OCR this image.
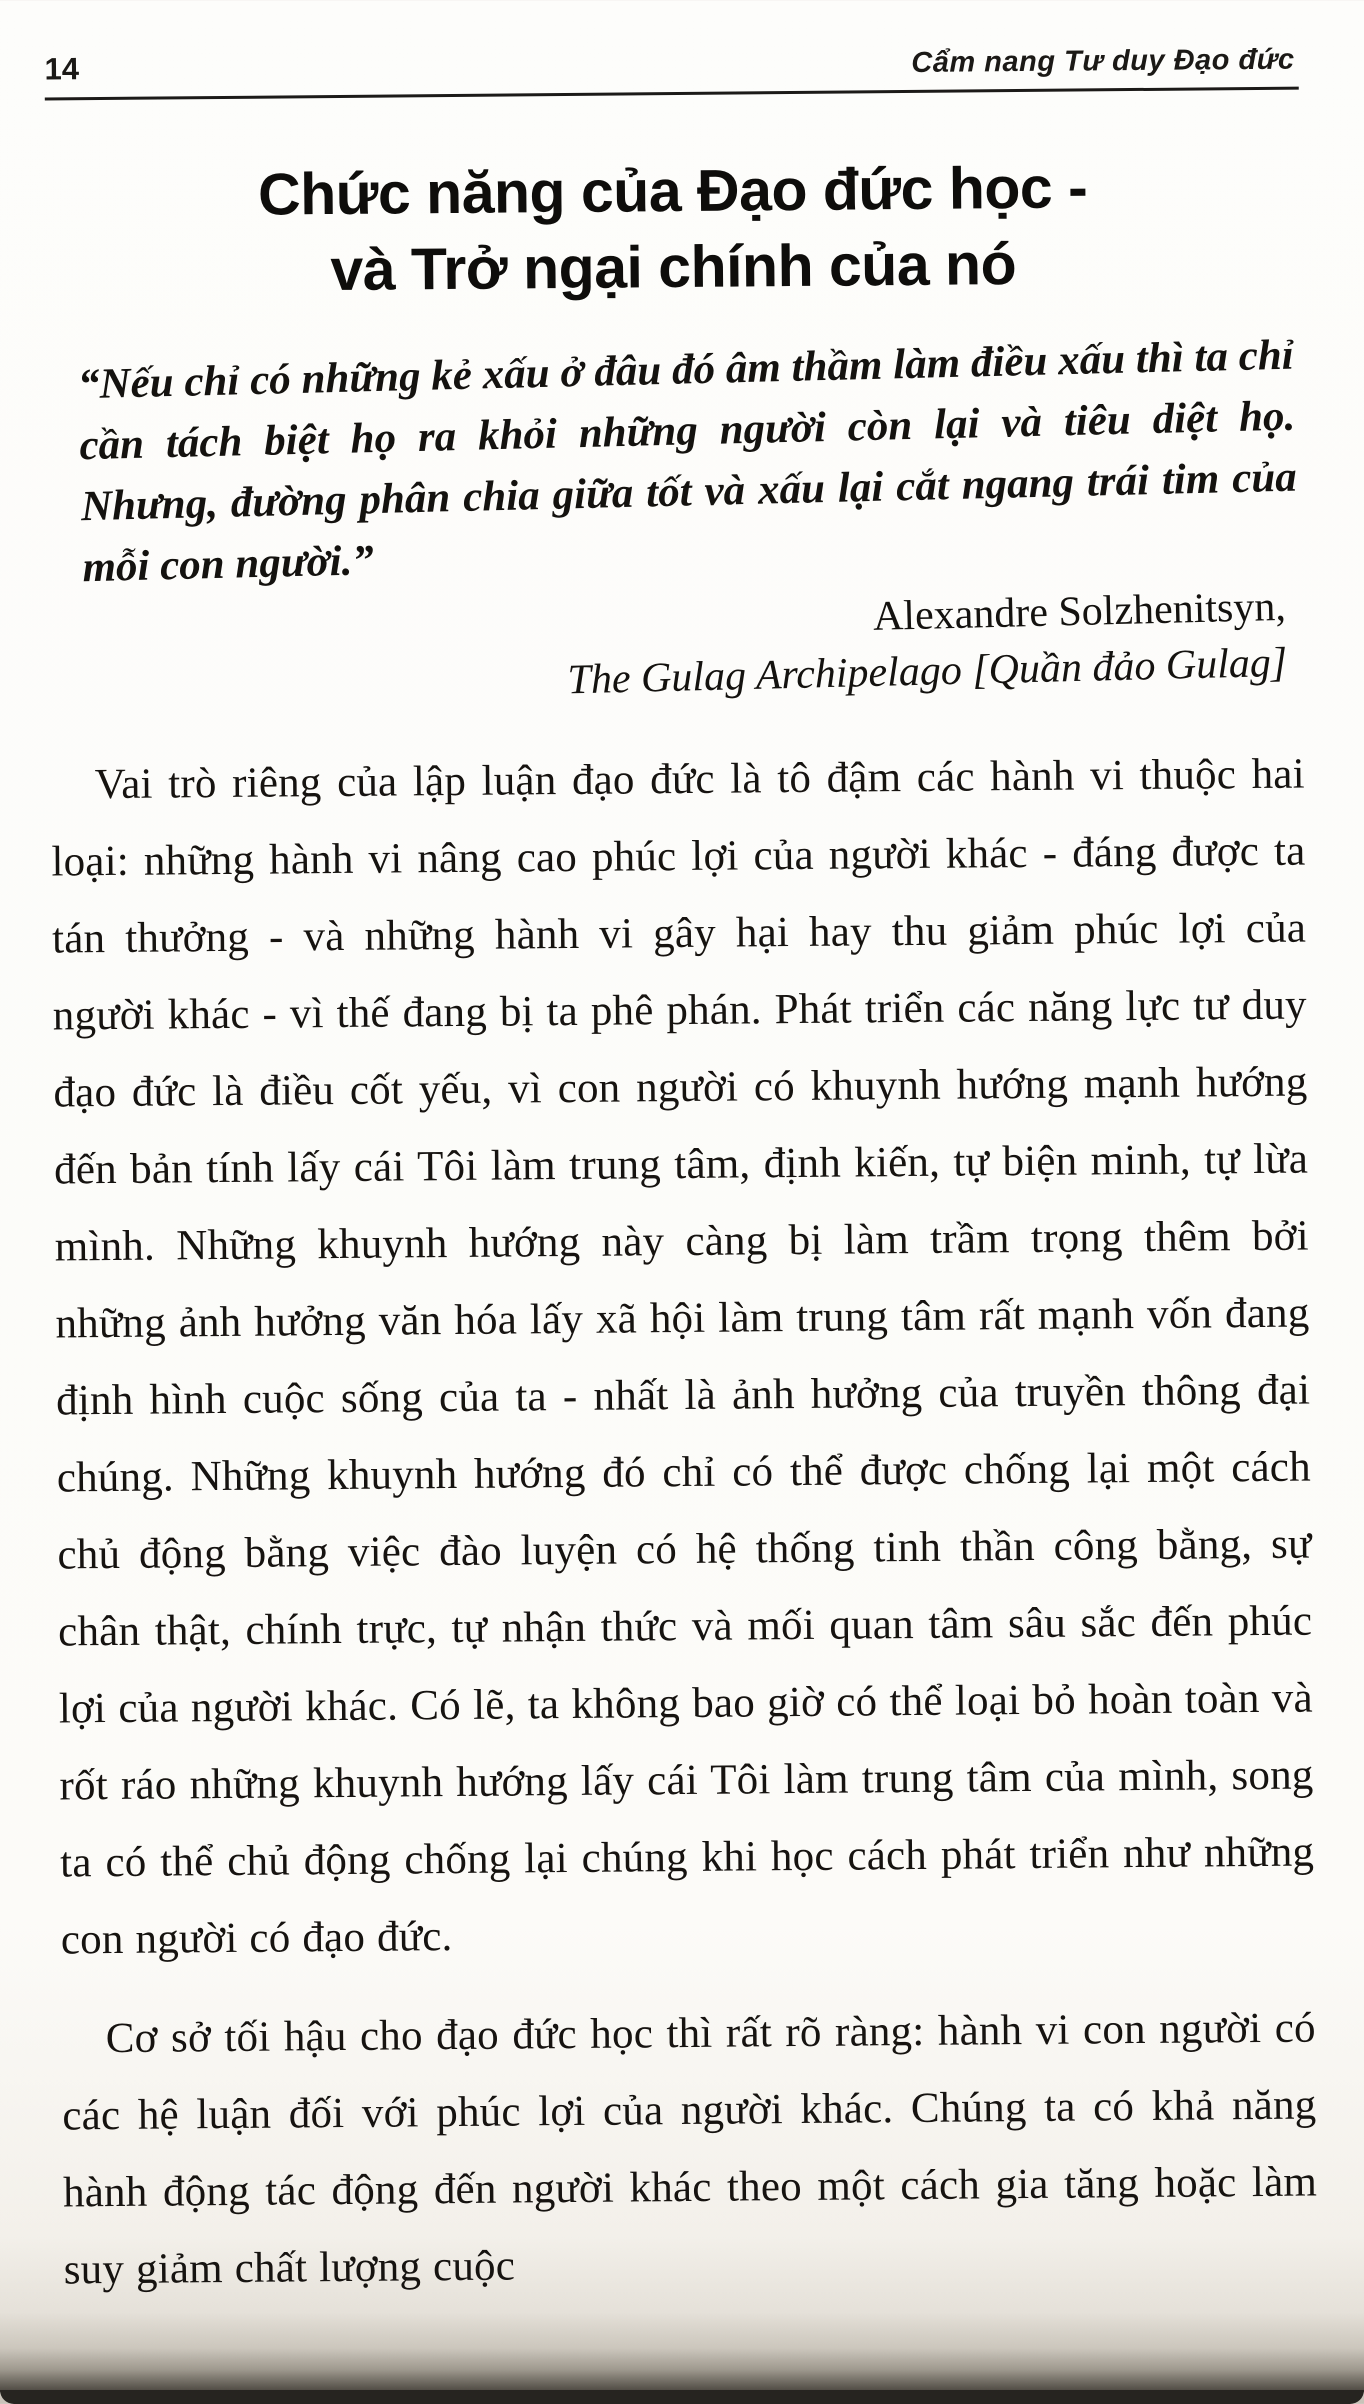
14	Cẩm nang Tư duy Đạo đức
Chức năng của Đạo đức học -
và Trở ngại chính của nó
“Nếu chỉ có những kẻ xấu ở đâu đó âm thầm làm điều xấu thì ta chỉ cần tách biệt họ ra khỏi những người còn lại và tiêu diệt họ. Nhưng, đường phân chia giữa tốt và xấu lại cắt ngang trái tim của mỗi con người.”
Alexandre Solzhenitsyn,
The Gulag Archipelago [Quần đảo Gulag]

Vai trò riêng của lập luận đạo đức là tô đậm các hành vi thuộc hai loại: những hành vi nâng cao phúc lợi của người khác - đáng được ta tán thưởng - và những hành vi gây hại hay thu giảm phúc lợi của người khác - vì thế đang bị ta phê phán. Phát triển các năng lực tư duy đạo đức là điều cốt yếu, vì con người có khuynh hướng mạnh hướng đến bản tính lấy cái Tôi làm trung tâm, định kiến, tự biện minh, tự lừa mình. Những khuynh hướng này càng bị làm trầm trọng thêm bởi những ảnh hưởng văn hóa lấy xã hội làm trung tâm rất mạnh vốn đang định hình cuộc sống của ta - nhất là ảnh hưởng của truyền thông đại chúng. Những khuynh hướng đó chỉ có thể được chống lại một cách chủ động bằng việc đào luyện có hệ thống tinh thần công bằng, sự chân thật, chính trực, tự nhận thức và mối quan tâm sâu sắc đến phúc lợi của người khác. Có lẽ, ta không bao giờ có thể loại bỏ hoàn toàn và rốt ráo những khuynh hướng lấy cái Tôi làm trung tâm của mình, song ta có thể chủ động chống lại chúng khi học cách phát triển như những con người có đạo đức.

Cơ sở tối hậu cho đạo đức học thì rất rõ ràng: hành vi con người có các hệ luận đối với phúc lợi của người khác. Chúng ta có khả năng hành động tác động đến người khác theo một cách gia tăng hoặc làm suy giảm chất lượng cuộc
